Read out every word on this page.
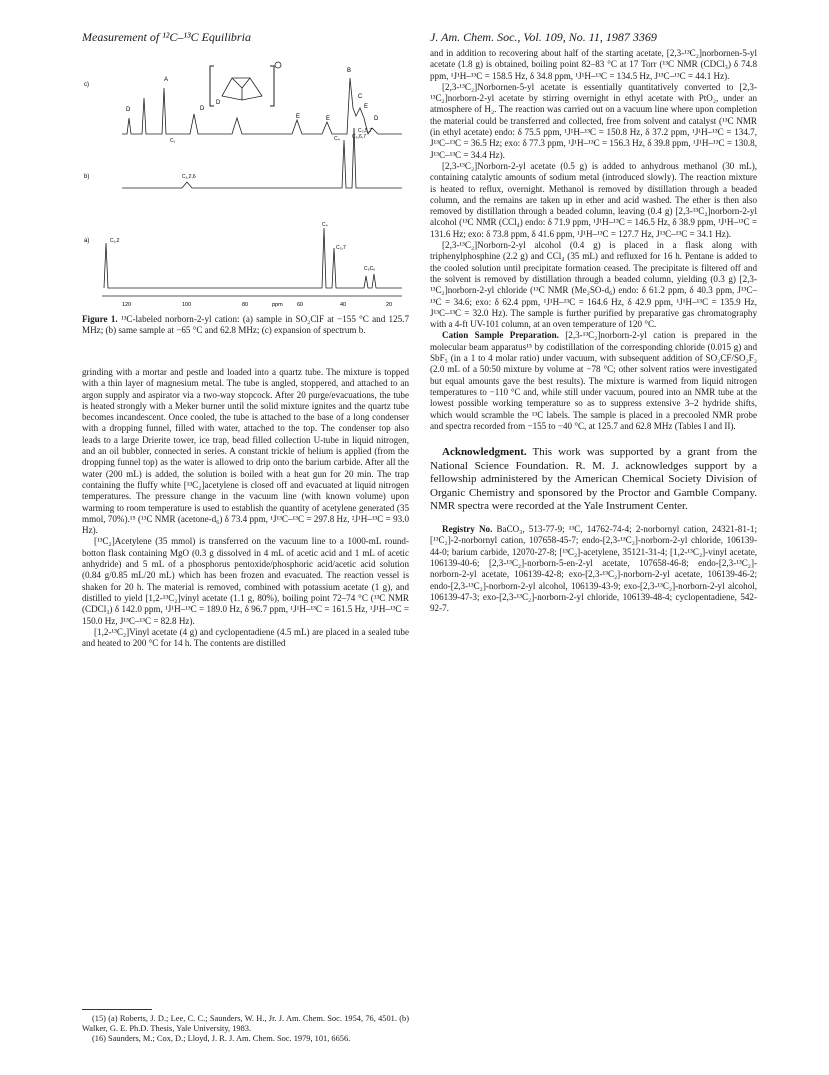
Measurement of ¹²C–¹³C Equilibria	J. Am. Chem. Soc., Vol. 109, No. 11, 1987 3369
c)
b)
a)
A
D	D
E	E
D
B
C
E
D
C₁
C₃,6,7
C₁,2,6
C₄
C₃,5,7
C₁,2
C₄
C₃,7
C₅C₆
120	100	80	ppm	60	40	20
Figure 1. ¹³C-labeled norborn-2-yl cation: (a) sample in SO₂ClF at −155 °C and 125.7 MHz; (b) same sample at −65 °C and 62.8 MHz; (c) expansion of spectrum b.

grinding with a mortar and pestle and loaded into a quartz tube. The mixture is topped with a thin layer of magnesium metal. The tube is angled, stoppered, and attached to an argon supply and aspirator via a two-way stopcock. After 20 purge/evacuations, the tube is heated strongly with a Meker burner until the solid mixture ignites and the quartz tube becomes incandescent. Once cooled, the tube is attached to the base of a long condenser with a dropping funnel, filled with water, attached to the top. The condenser top also leads to a large Drierite tower, ice trap, bead filled collection U-tube in liquid nitrogen, and an oil bubbler, connected in series. A constant trickle of helium is applied (from the dropping funnel top) as the water is allowed to drip onto the barium carbide. After all the water (200 mL) is added, the solution is boiled with a heat gun for 20 min. The trap containing the fluffy white [¹³C₂]acetylene is closed off and evacuated at liquid nitrogen temperatures. The pressure change in the vacuum line (with known volume) upon warming to room temperature is used to establish the quantity of acetylene generated (35 mmol, 70%).¹⁵ (¹³C NMR (acetone-d₆) δ 73.4 ppm, ¹J¹³C–¹³C = 297.8 Hz, ²J¹H–¹³C = 93.0 Hz).

[¹³C₂]Acetylene (35 mmol) is transferred on the vacuum line to a 1000-mL round-botton flask containing MgO (0.3 g dissolved in 4 mL of acetic acid and 1 mL of acetic anhydride) and 5 mL of a phosphorus pentoxide/phosphoric acid/acetic acid solution (0.84 g/0.85 mL/20 mL) which has been frozen and evacuated. The reaction vessel is shaken for 20 h. The material is removed, combined with potassium acetate (1 g), and distilled to yield [1,2-¹³C₂]vinyl acetate (1.1 g, 80%), boiling point 72–74 °C (¹³C NMR (CDCl₃) δ 142.0 ppm, ¹J¹H–¹³C = 189.0 Hz, δ 96.7 ppm, ¹J¹H–¹³C = 161.5 Hz, ¹J¹H–¹³C = 150.0 Hz, J¹³C–¹³C = 82.8 Hz).

[1,2-¹³C₂]Vinyl acetate (4 g) and cyclopentadiene (4.5 mL) are placed in a sealed tube and heated to 200 °C for 14 h. The contents are distilled

(15) (a) Roberts, J. D.; Lee, C. C.; Saunders, W. H., Jr. J. Am. Chem. Soc. 1954, 76, 4501. (b) Walker, G. E. Ph.D. Thesis, Yale University, 1983.

(16) Saunders, M.; Cox, D.; Lloyd, J. R. J. Am. Chem. Soc. 1979, 101, 6656.

and in addition to recovering about half of the starting acetate, [2,3-¹³C₂]norbornen-5-yl acetate (1.8 g) is obtained, boiling point 82–83 °C at 17 Torr (¹³C NMR (CDCl₃) δ 74.8 ppm, ¹J¹H–¹³C = 158.5 Hz, δ 34.8 ppm, ¹J¹H–¹³C = 134.5 Hz, J¹³C–¹³C = 44.1 Hz).

[2,3-¹³C₂]Norbornen-5-yl acetate is essentially quantitatively converted to [2,3-¹³C₂]norborn-2-yl acetate by stirring overnight in ethyl acetate with PtO₂, under an atmosphere of H₂. The reaction was carried out on a vacuum line where upon completion the material could be transferred and collected, free from solvent and catalyst (¹³C NMR (in ethyl acetate) endo: δ 75.5 ppm, ¹J¹H–¹³C = 150.8 Hz, δ 37.2 ppm, ¹J¹H–¹³C = 134.7, J¹³C–¹³C = 36.5 Hz; exo: δ 77.3 ppm, ¹J¹H–¹³C = 156.3 Hz, δ 39.8 ppm, ¹J¹H–¹³C = 130.8, J¹³C–¹³C = 34.4 Hz).

[2,3-¹³C₂]Norborn-2-yl acetate (0.5 g) is added to anhydrous methanol (30 mL), containing catalytic amounts of sodium metal (introduced slowly). The reaction mixture is heated to reflux, overnight. Methanol is removed by distillation through a beaded column, and the remains are taken up in ether and acid washed. The ether is then also removed by distillation through a beaded column, leaving (0.4 g) [2,3-¹³C₂]norborn-2-yl alcohol (¹³C NMR (CCl₄) endo: δ 71.9 ppm, ¹J¹H–¹³C = 146.5 Hz, δ 38.9 ppm, ¹J¹H–¹³C = 131.6 Hz; exo: δ 73.8 ppm, δ 41.6 ppm, ¹J¹H–¹³C = 127.7 Hz, J¹³C–¹³C = 34.1 Hz).

[2,3-¹³C₂]Norborn-2-yl alcohol (0.4 g) is placed in a flask along with triphenylphosphine (2.2 g) and CCl₄ (35 mL) and refluxed for 16 h. Pentane is added to the cooled solution until precipitate formation ceased. The precipitate is filtered off and the solvent is removed by distillation through a beaded column, yielding (0.3 g) [2,3-¹³C₂]norborn-2-yl chloride (¹³C NMR (Me₂SO-d₆) endo: δ 61.2 ppm, δ 40.3 ppm, J¹³C–¹³C = 34.6; exo: δ 62.4 ppm, ¹J¹H–¹³C = 164.6 Hz, δ 42.9 ppm, ¹J¹H–¹³C = 135.9 Hz, J¹³C–¹³C = 32.0 Hz). The sample is further purified by preparative gas chromatography with a 4-ft UV-101 column, at an oven temperature of 120 °C.

Cation Sample Preparation. [2,3-¹³C₂]norborn-2-yl cation is prepared in the molecular beam apparatus¹⁵ by codistillation of the corresponding chloride (0.015 g) and SbF₅ (in a 1 to 4 molar ratio) under vacuum, with subsequent addition of SO₂CF/SO₂F₂ (2.0 mL of a 50:50 mixture by volume at −78 °C; other solvent ratios were investigated but equal amounts gave the best results). The mixture is warmed from liquid nitrogen temperatures to −110 °C and, while still under vacuum, poured into an NMR tube at the lowest possible working temperature so as to suppress extensive 3–2 hydride shifts, which would scramble the ¹³C labels. The sample is placed in a precooled NMR probe and spectra recorded from −155 to −40 °C, at 125.7 and 62.8 MHz (Tables I and II).

Acknowledgment. This work was supported by a grant from the National Science Foundation. R. M. J. acknowledges support by a fellowship administered by the American Chemical Society Division of Organic Chemistry and sponsored by the Proctor and Gamble Company. NMR spectra were recorded at the Yale Instrument Center.

Registry No. BaCO₃, 513-77-9; ¹³C, 14762-74-4; 2-norbornyl cation, 24321-81-1; [¹³C₂]-2-norbornyl cation, 107658-45-7; endo-[2,3-¹³C₂]-norborn-2-yl chloride, 106139-44-0; barium carbide, 12070-27-8; [¹³C₂]-acetylene, 35121-31-4; [1,2-¹³C₂]-vinyl acetate, 106139-40-6; [2,3-¹³C₂]-norborn-5-en-2-yl acetate, 107658-46-8; endo-[2,3-¹³C₂]-norborn-2-yl acetate, 106139-42-8; exo-[2,3-¹³C₂]-norborn-2-yl acetate, 106139-46-2; endo-[2,3-¹³C₂]-norborn-2-yl alcohol, 106139-43-9; exo-[2,3-¹³C₂]-norborn-2-yl alcohol, 106139-47-3; exo-[2,3-¹³C₂]-norborn-2-yl chloride, 106139-48-4; cyclopentadiene, 542-92-7.
